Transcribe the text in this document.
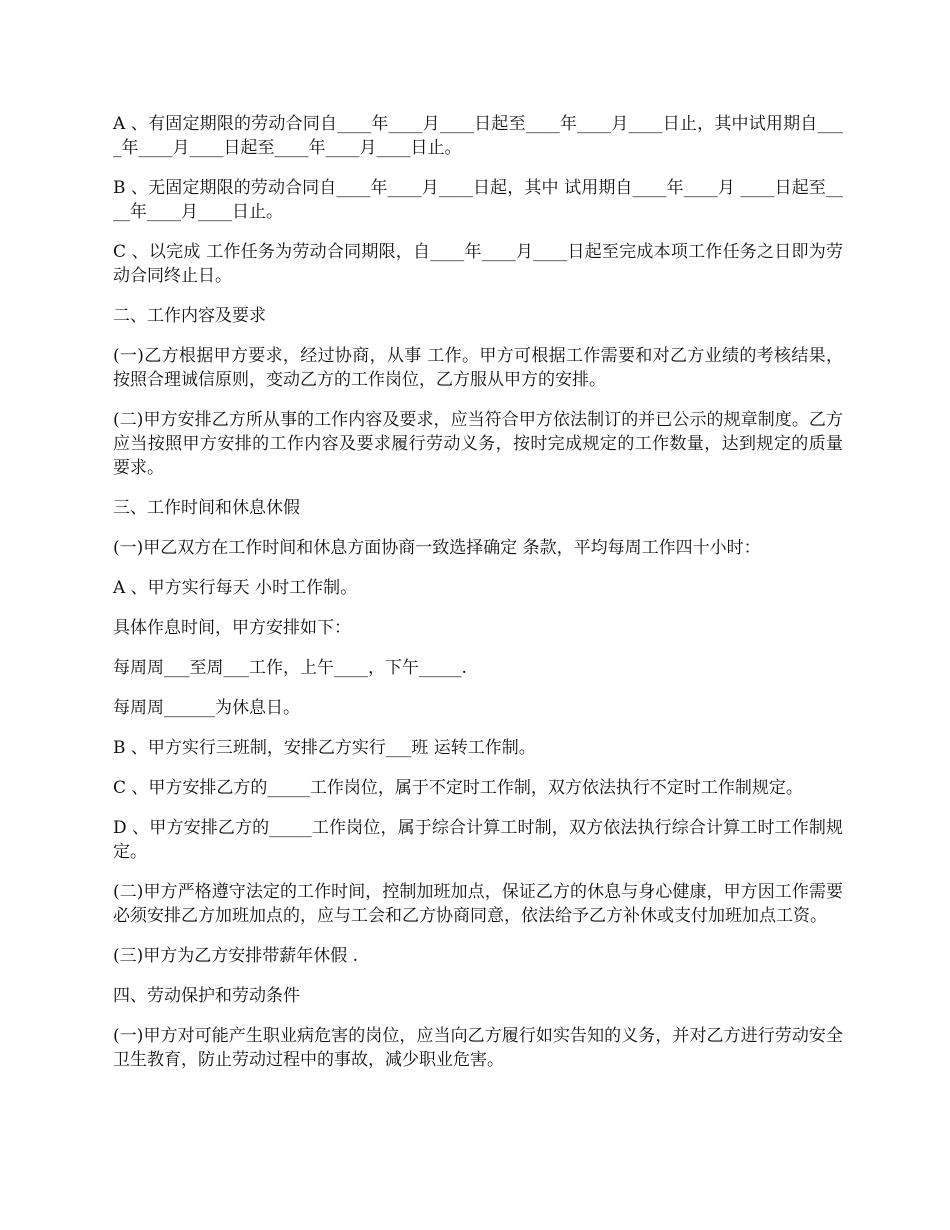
A 、有固定期限的劳动合同自____年____月____日起至____年____月____日止，其中试用期自____年____月____日起至____年____月____日止。

B 、无固定期限的劳动合同自____年____月____日起，其中 试用期自____年____月 ____日起至____年____月____日止。

C 、以完成 工作任务为劳动合同期限，自____年____月____日起至完成本项工作任务之日即为劳动合同终止日。

二、工作内容及要求

(一)乙方根据甲方要求，经过协商，从事 工作。甲方可根据工作需要和对乙方业绩的考核结果，按照合理诚信原则，变动乙方的工作岗位，乙方服从甲方的安排。

(二)甲方安排乙方所从事的工作内容及要求，应当符合甲方依法制订的并已公示的规章制度。乙方应当按照甲方安排的工作内容及要求履行劳动义务，按时完成规定的工作数量，达到规定的质量要求。

三、工作时间和休息休假

(一)甲乙双方在工作时间和休息方面协商一致选择确定 条款，平均每周工作四十小时：

A 、甲方实行每天 小时工作制。

具体作息时间，甲方安排如下：

每周周___至周___工作，上午____，下午_____.

每周周______为休息日。

B 、甲方实行三班制，安排乙方实行___班 运转工作制。

C 、甲方安排乙方的_____工作岗位，属于不定时工作制，双方依法执行不定时工作制规定。

D 、甲方安排乙方的_____工作岗位，属于综合计算工时制，双方依法执行综合计算工时工作制规定。

(二)甲方严格遵守法定的工作时间，控制加班加点，保证乙方的休息与身心健康，甲方因工作需要必须安排乙方加班加点的，应与工会和乙方协商同意，依法给予乙方补休或支付加班加点工资。

(三)甲方为乙方安排带薪年休假 .

四、劳动保护和劳动条件

(一)甲方对可能产生职业病危害的岗位，应当向乙方履行如实告知的义务，并对乙方进行劳动安全卫生教育，防止劳动过程中的事故，减少职业危害。
